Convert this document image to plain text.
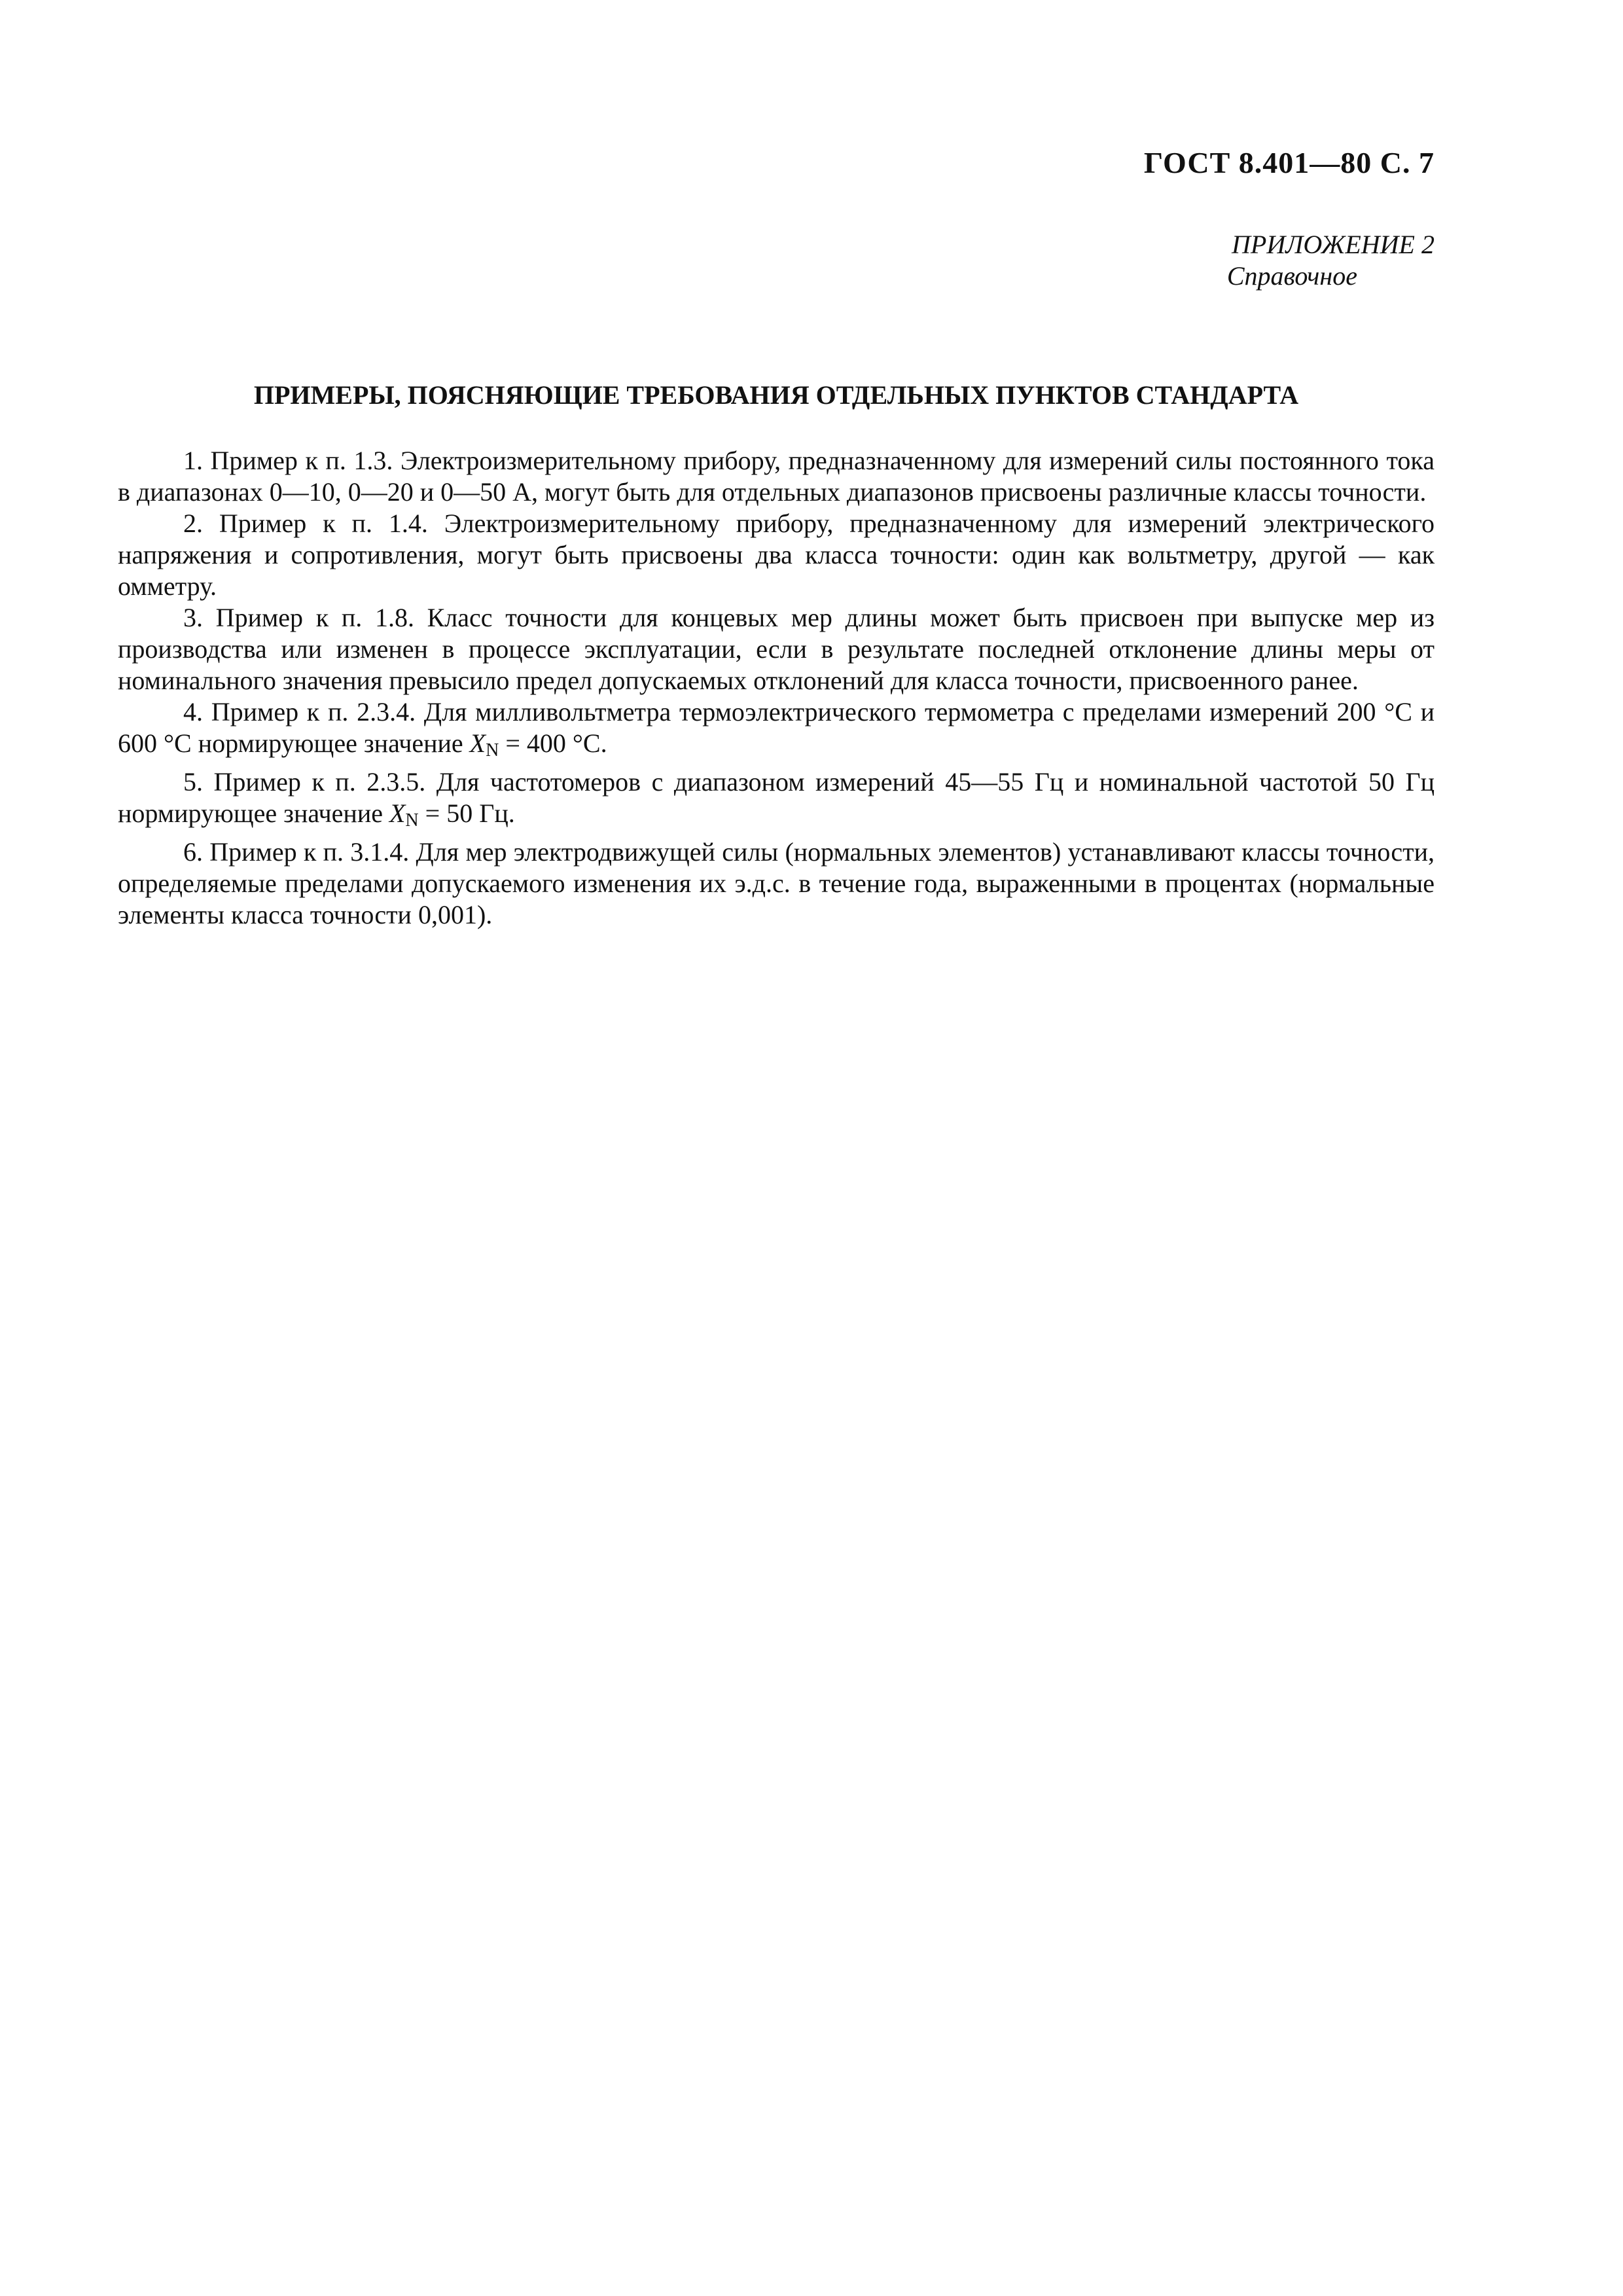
ГОСТ 8.401—80 С. 7
ПРИЛОЖЕНИЕ 2
Справочное
ПРИМЕРЫ, ПОЯСНЯЮЩИЕ ТРЕБОВАНИЯ ОТДЕЛЬНЫХ ПУНКТОВ СТАНДАРТА

1. Пример к п. 1.3. Электроизмерительному прибору, предназначенному для измерений силы постоянного тока в диапазонах 0—10, 0—20 и 0—50 А, могут быть для отдельных диапазонов присвоены различные классы точности.

2. Пример к п. 1.4. Электроизмерительному прибору, предназначенному для измерений электрического напряжения и сопротивления, могут быть присвоены два класса точности: один как вольтметру, другой — как омметру.

3. Пример к п. 1.8. Класс точности для концевых мер длины может быть присвоен при выпуске мер из производства или изменен в процессе эксплуатации, если в результате последней отклонение длины меры от номинального значения превысило предел допускаемых отклонений для класса точности, присвоенного ранее.

4. Пример к п. 2.3.4. Для милливольтметра термоэлектрического термометра с пределами измерений 200 °С и 600 °С нормирующее значение $X_N = 400$ °С.

5. Пример к п. 2.3.5. Для частотомеров с диапазоном измерений 45—55 Гц и номинальной частотой 50 Гц нормирующее значение $X_N = 50$ Гц.

6. Пример к п. 3.1.4. Для мер электродвижущей силы (нормальных элементов) устанавливают классы точности, определяемые пределами допускаемого изменения их э.д.с. в течение года, выраженными в процентах (нормальные элементы класса точности 0,001).
